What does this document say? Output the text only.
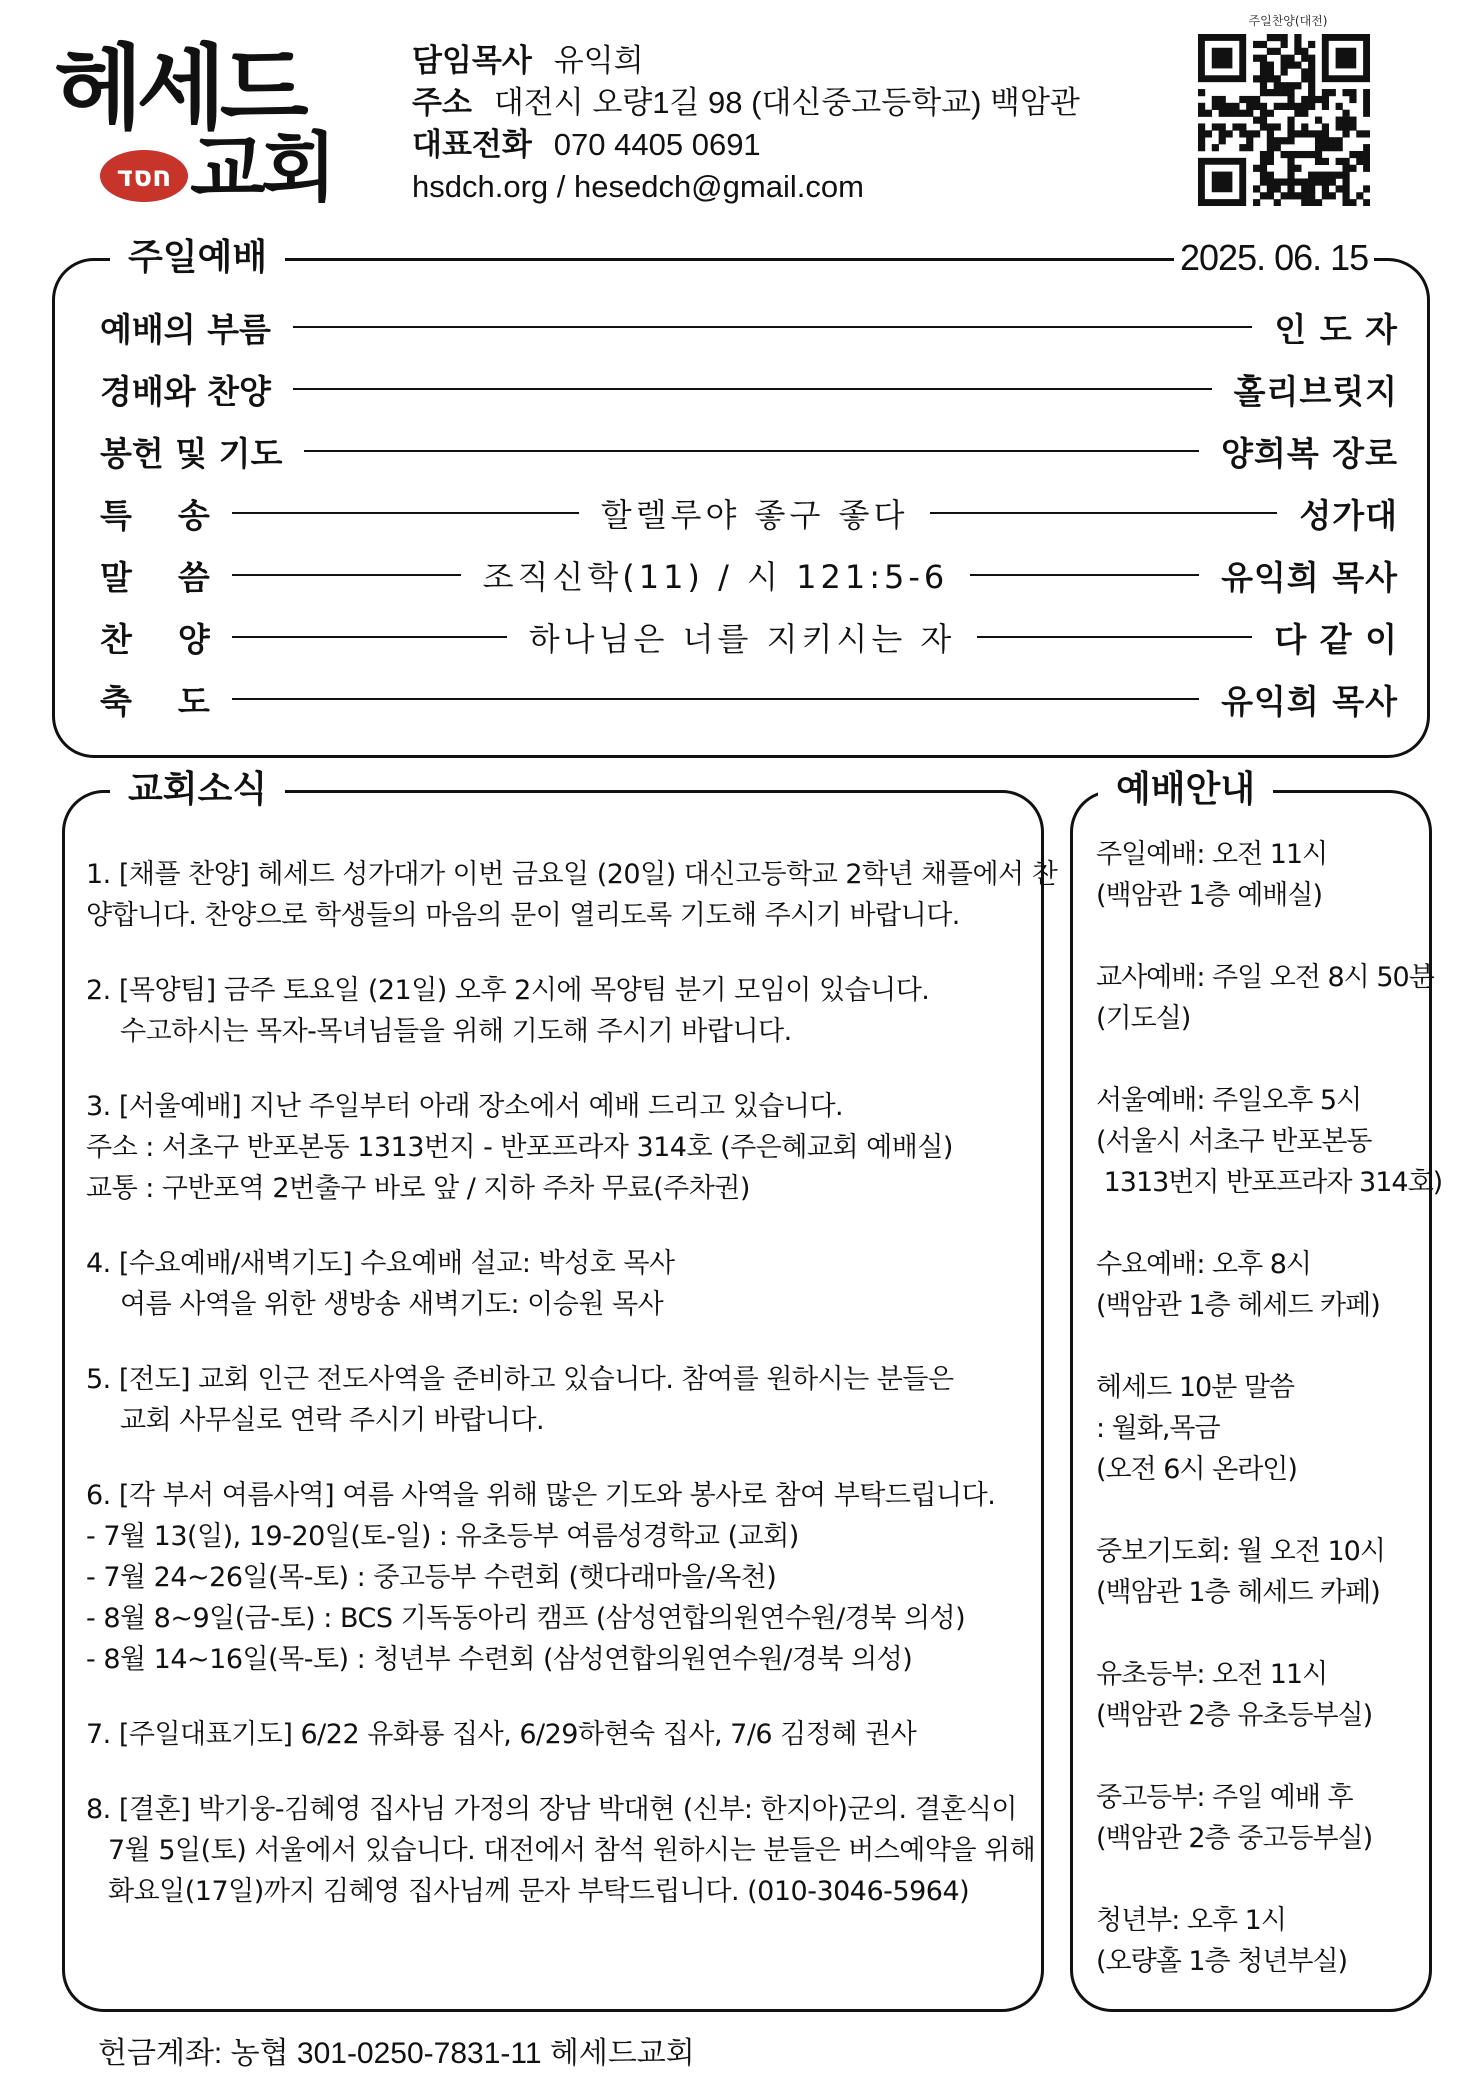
헤세드
교회
חסד
담임목사 유익희
주소 대전시 오량1길 98 (대신중고등학교) 백암관
대표전화 070 4405 0691
hsdch.org / hesedch@gmail.com
주일찬양(대전)
주일예배	2025. 06. 15
예배의 부름	인 도 자
경배와 찬양	홀리브릿지
봉헌 및 기도	양희복 장로
특    송	할렐루야 좋구 좋다	성가대
말    씀	조직신학(11) / 시 121:5-6	유익희 목사
찬    양	하나님은 너를 지키시는 자	다 같 이
축    도	유익희 목사
교회소식
1. [채플 찬양] 헤세드 성가대가 이번 금요일 (20일) 대신고등학교 2학년 채플에서 찬
양합니다. 찬양으로 학생들의 마음의 문이 열리도록 기도해 주시기 바랍니다.
2. [목양팀] 금주 토요일 (21일) 오후 2시에 목양팀 분기 모임이 있습니다.
수고하시는 목자-목녀님들을 위해 기도해 주시기 바랍니다.
3. [서울예배] 지난 주일부터 아래 장소에서 예배 드리고 있습니다.
주소 : 서초구 반포본동 1313번지 - 반포프라자 314호 (주은혜교회 예배실)
교통 : 구반포역 2번출구 바로 앞 / 지하 주차 무료(주차권)
4. [수요예배/새벽기도] 수요예배 설교: 박성호 목사
여름 사역을 위한 생방송 새벽기도: 이승원 목사
5. [전도] 교회 인근 전도사역을 준비하고 있습니다. 참여를 원하시는 분들은
교회 사무실로 연락 주시기 바랍니다.
6. [각 부서 여름사역] 여름 사역을 위해 많은 기도와 봉사로 참여 부탁드립니다.
- 7월 13(일), 19-20일(토-일) : 유초등부 여름성경학교 (교회)
- 7월 24~26일(목-토) : 중고등부 수련회 (햇다래마을/옥천)
- 8월 8~9일(금-토) : BCS 기독동아리 캠프 (삼성연합의원연수원/경북 의성)
- 8월 14~16일(목-토) : 청년부 수련회 (삼성연합의원연수원/경북 의성)
7. [주일대표기도] 6/22 유화룡 집사, 6/29하현숙 집사, 7/6 김정혜 권사
8. [결혼] 박기웅-김혜영 집사님 가정의 장남 박대현 (신부: 한지아)군의. 결혼식이
7월 5일(토) 서울에서 있습니다. 대전에서 참석 원하시는 분들은 버스예약을 위해
화요일(17일)까지 김혜영 집사님께 문자 부탁드립니다. (010-3046-5964)
예배안내
주일예배: 오전 11시
(백암관 1층 예배실)
교사예배: 주일 오전 8시 50분
(기도실)
서울예배: 주일오후 5시
(서울시 서초구 반포본동
1313번지 반포프라자 314호)
수요예배: 오후 8시
(백암관 1층 헤세드 카페)
헤세드 10분 말씀
: 월화,목금
(오전 6시 온라인)
중보기도회: 월 오전 10시
(백암관 1층 헤세드 카페)
유초등부: 오전 11시
(백암관 2층 유초등부실)
중고등부: 주일 예배 후
(백암관 2층 중고등부실)
청년부: 오후 1시
(오량홀 1층 청년부실)
헌금계좌: 농협 301-0250-7831-11 헤세드교회
